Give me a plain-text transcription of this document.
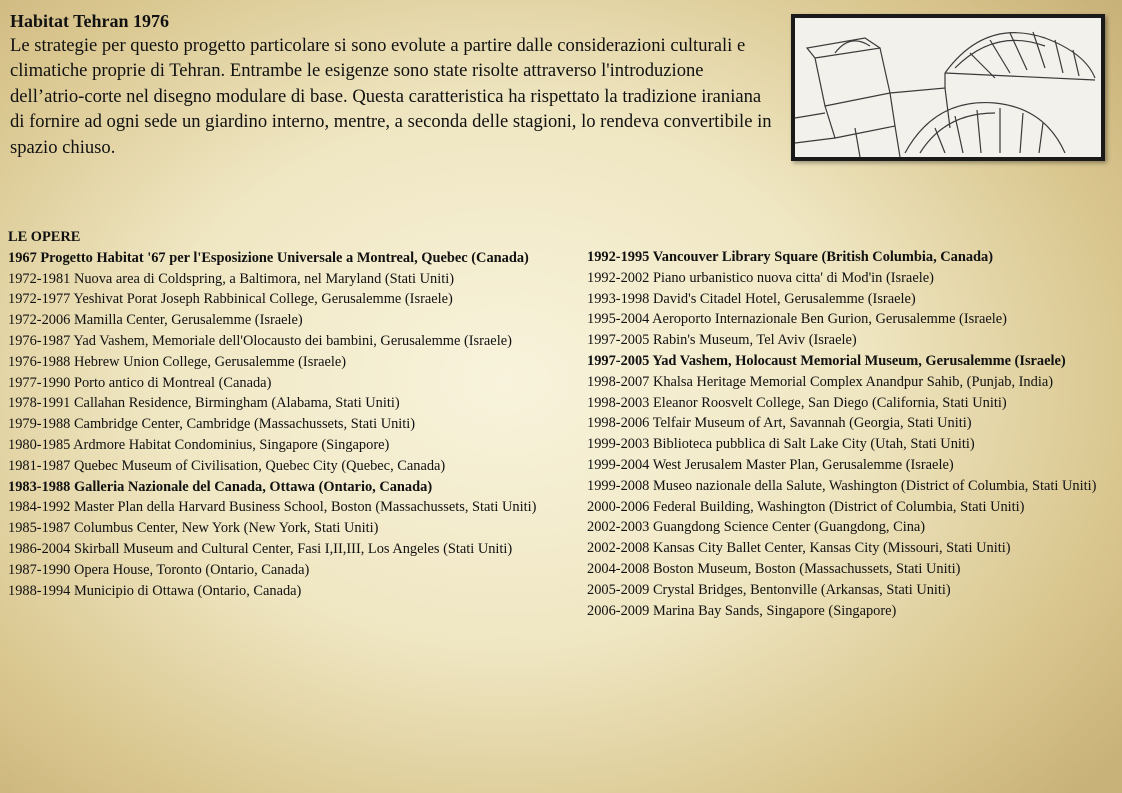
Habitat Tehran 1976

Le strategie per questo progetto particolare si sono evolute a partire dalle considerazioni culturali e climatiche proprie di Tehran. Entrambe le esigenze sono state risolte attraverso l'introduzione dell’atrio-corte nel disegno modulare di base. Questa caratteristica ha rispettato la tradizione iraniana di fornire ad ogni sede un giardino interno, mentre, a seconda delle stagioni, lo rendeva convertibile in spazio chiuso.

LE OPERE

1967 Progetto Habitat '67 per l'Esposizione Universale a Montreal, Quebec (Canada)

1972-1981 Nuova area di Coldspring, a Baltimora, nel Maryland (Stati Uniti)

1972-1977 Yeshivat Porat Joseph Rabbinical College, Gerusalemme (Israele)

1972-2006 Mamilla Center, Gerusalemme (Israele)

1976-1987 Yad Vashem, Memoriale dell'Olocausto dei bambini, Gerusalemme (Israele)

1976-1988 Hebrew Union College, Gerusalemme (Israele)

1977-1990 Porto antico di Montreal (Canada)

1978-1991 Callahan Residence, Birmingham (Alabama, Stati Uniti)

1979-1988 Cambridge Center, Cambridge (Massachussets, Stati Uniti)

1980-1985 Ardmore Habitat Condominius, Singapore (Singapore)

1981-1987 Quebec Museum of Civilisation, Quebec City (Quebec, Canada)

1983-1988 Galleria Nazionale del Canada, Ottawa (Ontario, Canada)

1984-1992 Master Plan della Harvard Business School, Boston (Massachussets, Stati Uniti)

1985-1987 Columbus Center, New York (New York, Stati Uniti)

1986-2004 Skirball Museum and Cultural Center, Fasi I,II,III, Los Angeles (Stati Uniti)

1987-1990 Opera House, Toronto (Ontario, Canada)

1988-1994 Municipio di Ottawa (Ontario, Canada)

1992-1995 Vancouver Library Square (British Columbia, Canada)

1992-2002 Piano urbanistico nuova citta' di Mod'in (Israele)

1993-1998 David's Citadel Hotel, Gerusalemme (Israele)

1995-2004 Aeroporto Internazionale Ben Gurion, Gerusalemme (Israele)

1997-2005 Rabin's Museum, Tel Aviv (Israele)

1997-2005 Yad Vashem, Holocaust Memorial Museum, Gerusalemme (Israele)

1998-2007 Khalsa Heritage Memorial Complex Anandpur Sahib, (Punjab, India)

1998-2003 Eleanor Roosvelt College, San Diego (California, Stati Uniti)

1998-2006 Telfair Museum of Art, Savannah (Georgia, Stati Uniti)

1999-2003 Biblioteca pubblica di Salt Lake City (Utah, Stati Uniti)

1999-2004 West Jerusalem Master Plan, Gerusalemme (Israele)

1999-2008 Museo nazionale della Salute, Washington (District of Columbia, Stati Uniti)

2000-2006 Federal Building, Washington (District of Columbia, Stati Uniti)

2002-2003 Guangdong Science Center (Guangdong, Cina)

2002-2008 Kansas City Ballet Center, Kansas City (Missouri, Stati Uniti)

2004-2008 Boston Museum, Boston (Massachussets, Stati Uniti)

2005-2009 Crystal Bridges, Bentonville (Arkansas, Stati Uniti)

2006-2009 Marina Bay Sands, Singapore (Singapore)
